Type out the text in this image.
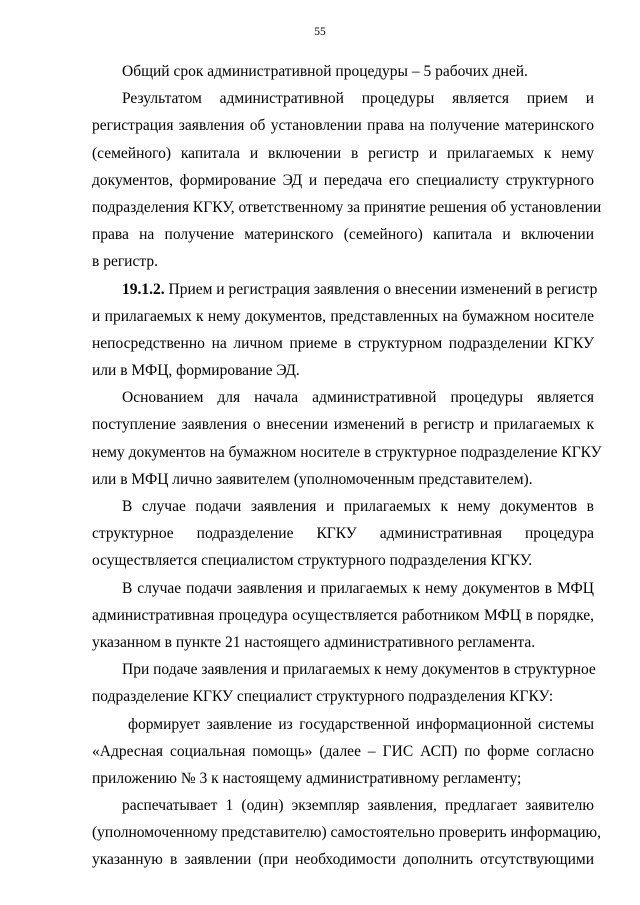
55
Общий срок административной процедуры – 5 рабочих дней.
Результатом административной процедуры является прием и
регистрация заявления об установлении права на получение материнского
(семейного) капитала и включении в регистр и прилагаемых к нему
документов, формирование ЭД и передача его специалисту структурного
подразделения КГКУ, ответственному за принятие решения об установлении
права на получение материнского (семейного) капитала и включении
в регистр.
19.1.2. Прием и регистрация заявления о внесении изменений в регистр
и прилагаемых к нему документов, представленных на бумажном носителе
непосредственно на личном приеме в структурном подразделении КГКУ
или в МФЦ, формирование ЭД.
Основанием для начала административной процедуры является
поступление заявления о внесении изменений в регистр и прилагаемых к
нему документов на бумажном носителе в структурное подразделение КГКУ
или в МФЦ лично заявителем (уполномоченным представителем).
В случае подачи заявления и прилагаемых к нему документов в
структурное подразделение КГКУ административная процедура
осуществляется специалистом структурного подразделения КГКУ.
В случае подачи заявления и прилагаемых к нему документов в МФЦ
административная процедура осуществляется работником МФЦ в порядке,
указанном в пункте 21 настоящего административного регламента.
При подаче заявления и прилагаемых к нему документов в структурное
подразделение КГКУ специалист структурного подразделения КГКУ:
формирует заявление из государственной информационной системы
«Адресная социальная помощь» (далее – ГИС АСП) по форме согласно
приложению № 3 к настоящему административному регламенту;
распечатывает 1 (один) экземпляр заявления, предлагает заявителю
(уполномоченному представителю) самостоятельно проверить информацию,
указанную в заявлении (при необходимости дополнить отсутствующими
